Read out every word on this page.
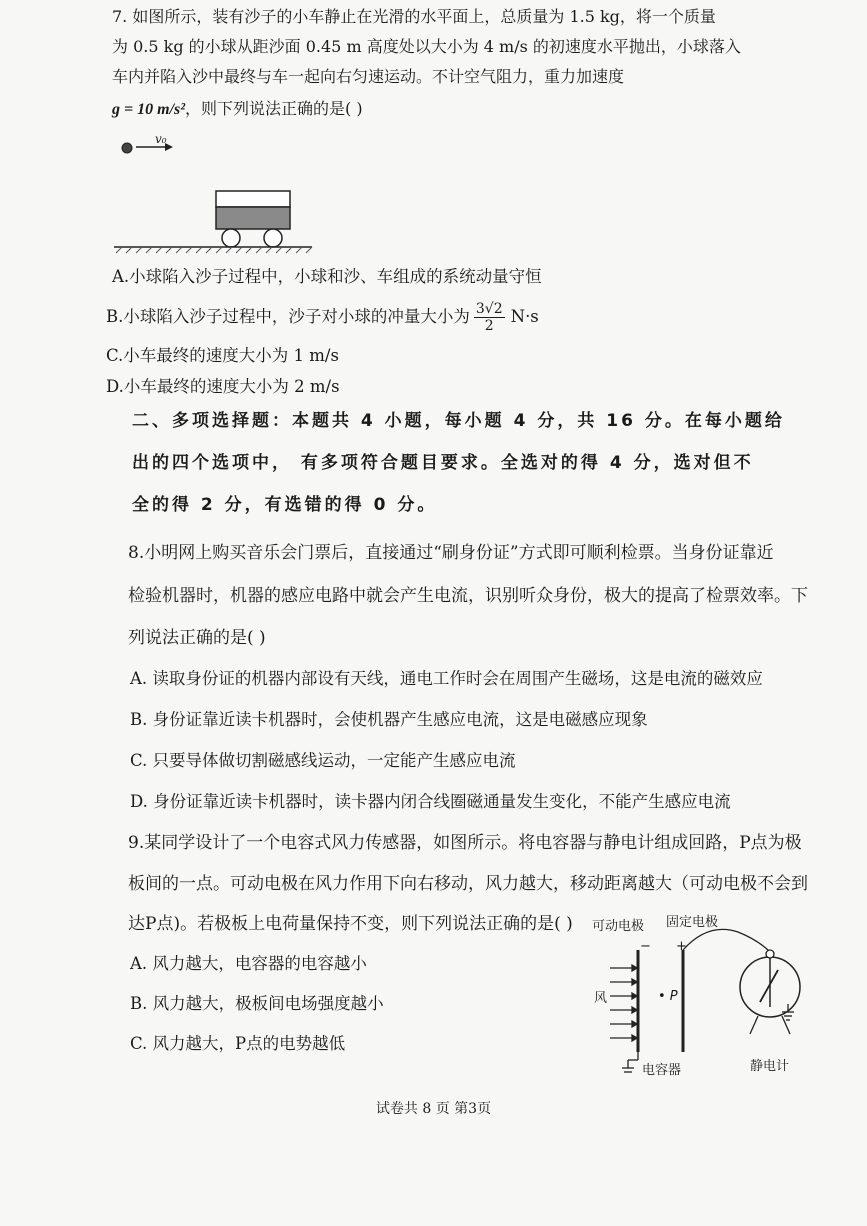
7. 如图所示，装有沙子的小车静止在光滑的水平面上，总质量为 1.5 kg，将一个质量
为 0.5 kg 的小球从距沙面 0.45 m 高度处以大小为 4 m/s 的初速度水平抛出，小球落入
车内并陷入沙中最终与车一起向右匀速运动。不计空气阻力，重力加速度
g = 10 m/s²，则下列说法正确的是( )
v₀
A.小球陷入沙子过程中，小球和沙、车组成的系统动量守恒
B.小球陷入沙子过程中，沙子对小球的冲量大小为 $\frac{3√2}{2} N\cdot s$
C.小车最终的速度大小为 1 m/s
D.小车最终的速度大小为 2 m/s
二、多项选择题：本题共 4 小题，每小题 4 分，共 16 分。在每小题给
出的四个选项中， 有多项符合题目要求。全选对的得 4 分，选对但不
全的得 2 分，有选错的得 0 分。
8.小明网上购买音乐会门票后，直接通过“刷身份证”方式即可顺利检票。当身份证靠近
检验机器时，机器的感应电路中就会产生电流，识别听众身份，极大的提高了检票效率。下
列说法正确的是( )
A. 读取身份证的机器内部设有天线，通电工作时会在周围产生磁场，这是电流的磁效应
B. 身份证靠近读卡机器时，会使机器产生感应电流，这是电磁感应现象
C. 只要导体做切割磁感线运动，一定能产生感应电流
D. 身份证靠近读卡机器时，读卡器内闭合线圈磁通量发生变化，不能产生感应电流
9.某同学设计了一个电容式风力传感器，如图所示。将电容器与静电计组成回路，P点为极
板间的一点。可动电极在风力作用下向右移动，风力越大，移动距离越大（可动电极不会到
达P点)。若极板上电荷量保持不变，则下列说法正确的是( )
A. 风力越大，电容器的电容越小
B. 风力越大，极板间电场强度越小
C. 风力越大，P点的电势越低
可动电极 固定电极
− +
风	• P
电容器	静电计
试卷共 8 页 第3页
